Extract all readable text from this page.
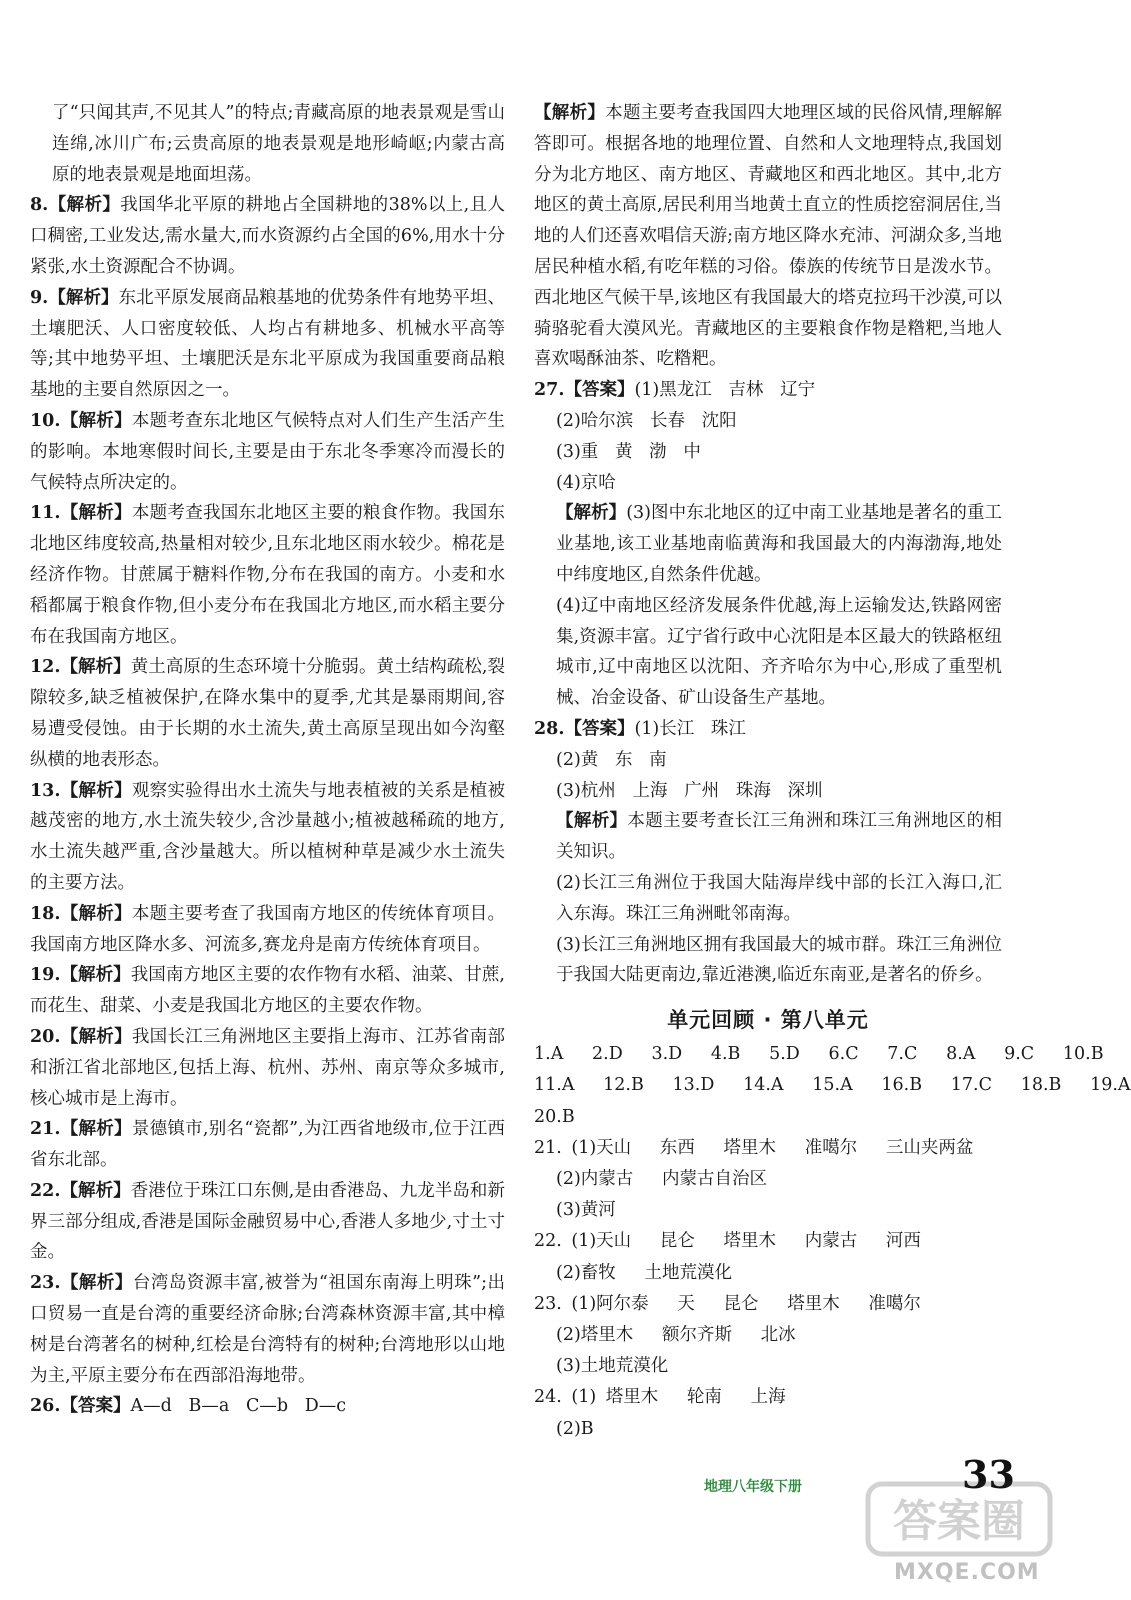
了“只闻其声,不见其人”的特点;青藏高原的地表景观是雪山连绵,冰川广布;云贵高原的地表景观是地形崎岖;内蒙古高原的地表景观是地面坦荡。
8.【解析】我国华北平原的耕地占全国耕地的38%以上,且人口稠密,工业发达,需水量大,而水资源约占全国的6%,用水十分紧张,水土资源配合不协调。
9.【解析】东北平原发展商品粮基地的优势条件有地势平坦、土壤肥沃、人口密度较低、人均占有耕地多、机械水平高等等;其中地势平坦、土壤肥沃是东北平原成为我国重要商品粮基地的主要自然原因之一。
10.【解析】本题考查东北地区气候特点对人们生产生活产生的影响。本地寒假时间长,主要是由于东北冬季寒冷而漫长的气候特点所决定的。
11.【解析】本题考查我国东北地区主要的粮食作物。我国东北地区纬度较高,热量相对较少,且东北地区雨水较少。棉花是经济作物。甘蔗属于糖料作物,分布在我国的南方。小麦和水稻都属于粮食作物,但小麦分布在我国北方地区,而水稻主要分布在我国南方地区。
12.【解析】黄土高原的生态环境十分脆弱。黄土结构疏松,裂隙较多,缺乏植被保护,在降水集中的夏季,尤其是暴雨期间,容易遭受侵蚀。由于长期的水土流失,黄土高原呈现出如今沟壑纵横的地表形态。
13.【解析】观察实验得出水土流失与地表植被的关系是植被越茂密的地方,水土流失较少,含沙量越小;植被越稀疏的地方,水土流失越严重,含沙量越大。所以植树种草是减少水土流失的主要方法。
18.【解析】本题主要考查了我国南方地区的传统体育项目。我国南方地区降水多、河流多,赛龙舟是南方传统体育项目。
19.【解析】我国南方地区主要的农作物有水稻、油菜、甘蔗,而花生、甜菜、小麦是我国北方地区的主要农作物。
20.【解析】我国长江三角洲地区主要指上海市、江苏省南部和浙江省北部地区,包括上海、杭州、苏州、南京等众多城市,核心城市是上海市。
21.【解析】景德镇市,别名“瓷都”,为江西省地级市,位于江西省东北部。
22.【解析】香港位于珠江口东侧,是由香港岛、九龙半岛和新界三部分组成,香港是国际金融贸易中心,香港人多地少,寸土寸金。
23.【解析】台湾岛资源丰富,被誉为“祖国东南海上明珠”;出口贸易一直是台湾的重要经济命脉;台湾森林资源丰富,其中樟树是台湾著名的树种,红桧是台湾特有的树种;台湾地形以山地为主,平原主要分布在西部沿海地带。
26.【答案】A—d   B—a   C—b   D—c
【解析】本题主要考查我国四大地理区域的民俗风情,理解解答即可。根据各地的地理位置、自然和人文地理特点,我国划分为北方地区、南方地区、青藏地区和西北地区。其中,北方地区的黄土高原,居民利用当地黄土直立的性质挖窑洞居住,当地的人们还喜欢唱信天游;南方地区降水充沛、河湖众多,当地居民种植水稻,有吃年糕的习俗。傣族的传统节日是泼水节。西北地区气候干旱,该地区有我国最大的塔克拉玛干沙漠,可以骑骆驼看大漠风光。青藏地区的主要粮食作物是糌粑,当地人喜欢喝酥油茶、吃糌粑。
27.【答案】(1)黑龙江   吉林   辽宁
(2)哈尔滨   长春   沈阳
(3)重   黄   渤   中
(4)京哈
【解析】(3)图中东北地区的辽中南工业基地是著名的重工业基地,该工业基地南临黄海和我国最大的内海渤海,地处中纬度地区,自然条件优越。
(4)辽中南地区经济发展条件优越,海上运输发达,铁路网密集,资源丰富。辽宁省行政中心沈阳是本区最大的铁路枢纽城市,辽中南地区以沈阳、齐齐哈尔为中心,形成了重型机械、冶金设备、矿山设备生产基地。
28.【答案】(1)长江   珠江
(2)黄   东   南
(3)杭州   上海   广州   珠海   深圳
【解析】本题主要考查长江三角洲和珠江三角洲地区的相关知识。
(2)长江三角洲位于我国大陆海岸线中部的长江入海口,汇入东海。珠江三角洲毗邻南海。
(3)长江三角洲地区拥有我国最大的城市群。珠江三角洲位于我国大陆更南边,靠近港澳,临近东南亚,是著名的侨乡。
单元回顾 · 第八单元
1.A   2.D   3.D   4.B   5.D   6.C   7.C   8.A   9.C   10.B
11.A   12.B   13.D   14.A   15.A   16.B   17.C   18.B   19.A
20.B
21. (1)天山   东西   塔里木   准噶尔   三山夹两盆
(2)内蒙古   内蒙古自治区
(3)黄河
22. (1)天山   昆仑   塔里木   内蒙古   河西
(2)畜牧   土地荒漠化
23. (1)阿尔泰   天   昆仑   塔里木   准噶尔
(2)塔里木   额尔齐斯   北冰
(3)土地荒漠化
24. (1) 塔里木   轮南   上海
(2)B
地理八年级下册	33
答案圈
MXQE.COM
